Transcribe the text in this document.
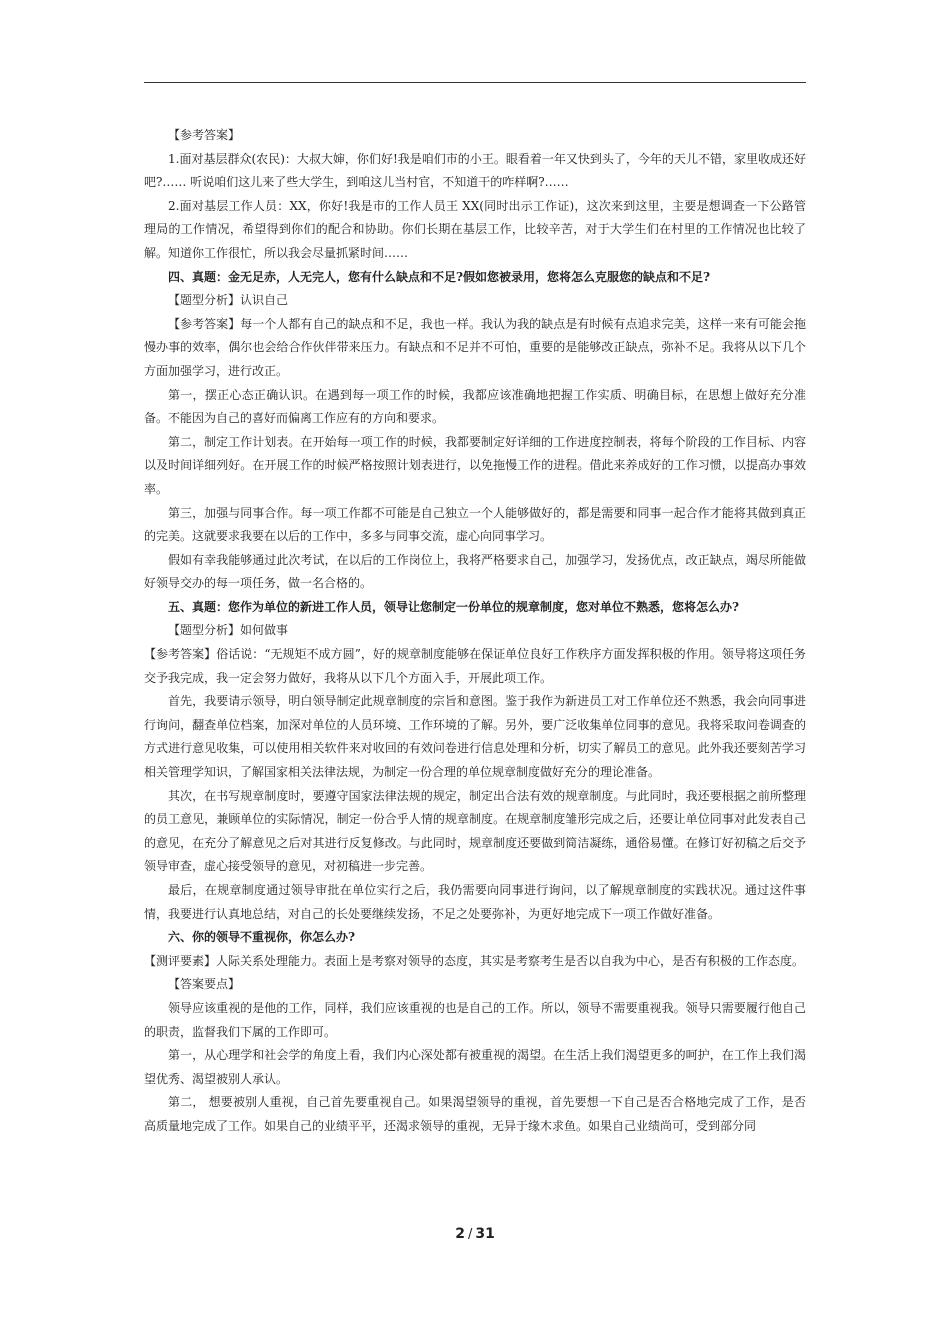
【参考答案】

1.面对基层群众(农民)：大叔大婶，你们好!我是咱们市的小王。眼看着一年又快到头了，今年的天儿不错，家里收成还好吧?…… 听说咱们这儿来了些大学生，到咱这儿当村官，不知道干的咋样啊?……

2.面对基层工作人员：XX，你好!我是市的工作人员王 XX(同时出示工作证)，这次来到这里，主要是想调查一下公路管理局的工作情况，希望得到你们的配合和协助。你们长期在基层工作，比较辛苦，对于大学生们在村里的工作情况也比较了解。知道你工作很忙，所以我会尽量抓紧时间……

四、真题：金无足赤，人无完人，您有什么缺点和不足?假如您被录用，您将怎么克服您的缺点和不足?

【题型分析】认识自己

【参考答案】每一个人都有自己的缺点和不足，我也一样。我认为我的缺点是有时候有点追求完美，这样一来有可能会拖慢办事的效率，偶尔也会给合作伙伴带来压力。有缺点和不足并不可怕，重要的是能够改正缺点，弥补不足。我将从以下几个方面加强学习，进行改正。

第一，摆正心态正确认识。在遇到每一项工作的时候，我都应该准确地把握工作实质、明确目标，在思想上做好充分准备。不能因为自己的喜好而偏离工作应有的方向和要求。

第二，制定工作计划表。在开始每一项工作的时候，我都要制定好详细的工作进度控制表，将每个阶段的工作目标、内容以及时间详细列好。在开展工作的时候严格按照计划表进行，以免拖慢工作的进程。借此来养成好的工作习惯，以提高办事效率。

第三，加强与同事合作。每一项工作都不可能是自己独立一个人能够做好的，都是需要和同事一起合作才能将其做到真正的完美。这就要求我要在以后的工作中，多多与同事交流，虚心向同事学习。

假如有幸我能够通过此次考试，在以后的工作岗位上，我将严格要求自己，加强学习，发扬优点，改正缺点，竭尽所能做好领导交办的每一项任务，做一名合格的。

五、真题：您作为单位的新进工作人员，领导让您制定一份单位的规章制度，您对单位不熟悉，您将怎么办?

【题型分析】如何做事

【参考答案】俗话说：“无规矩不成方圆”，好的规章制度能够在保证单位良好工作秩序方面发挥积极的作用。领导将这项任务交予我完成，我一定会努力做好，我将从以下几个方面入手，开展此项工作。

首先，我要请示领导，明白领导制定此规章制度的宗旨和意图。鉴于我作为新进员工对工作单位还不熟悉，我会向同事进行询问，翻查单位档案，加深对单位的人员环境、工作环境的了解。另外，要广泛收集单位同事的意见。我将采取问卷调查的方式进行意见收集，可以使用相关软件来对收回的有效问卷进行信息处理和分析，切实了解员工的意见。此外我还要刻苦学习相关管理学知识，了解国家相关法律法规，为制定一份合理的单位规章制度做好充分的理论准备。

其次，在书写规章制度时，要遵守国家法律法规的规定，制定出合法有效的规章制度。与此同时，我还要根据之前所整理的员工意见，兼顾单位的实际情况，制定一份合乎人情的规章制度。在规章制度雏形完成之后，还要让单位同事对此发表自己的意见，在充分了解意见之后对其进行反复修改。与此同时，规章制度还要做到简洁凝练，通俗易懂。在修订好初稿之后交予领导审查，虚心接受领导的意见，对初稿进一步完善。

最后，在规章制度通过领导审批在单位实行之后，我仍需要向同事进行询问，以了解规章制度的实践状况。通过这件事情，我要进行认真地总结，对自己的长处要继续发扬，不足之处要弥补，为更好地完成下一项工作做好准备。

六、你的领导不重视你，你怎么办?

【测评要素】人际关系处理能力。表面上是考察对领导的态度，其实是考察考生是否以自我为中心，是否有积极的工作态度。

【答案要点】

领导应该重视的是他的工作，同样，我们应该重视的也是自己的工作。所以，领导不需要重视我。领导只需要履行他自己的职责，监督我们下属的工作即可。

第一，从心理学和社会学的角度上看，我们内心深处都有被重视的渴望。在生活上我们渴望更多的呵护，在工作上我们渴望优秀、渴望被别人承认。

第二， 想要被别人重视，自己首先要重视自己。如果渴望领导的重视，首先要想一下自己是否合格地完成了工作，是否高质量地完成了工作。如果自己的业绩平平，还渴求领导的重视，无异于缘木求鱼。如果自己业绩尚可，受到部分同

2 / 31
